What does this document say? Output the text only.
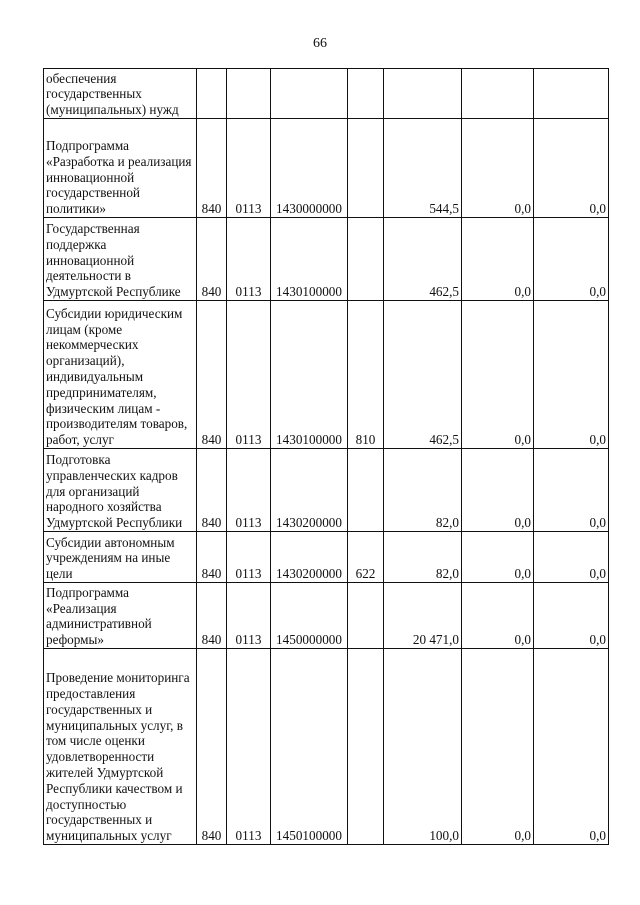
66
обеспечения государственных (муниципальных) нужд							
Подпрограмма «Разработка и реализация инновационной государственной политики»	840	0113	1430000000		544,5	0,0	0,0
Государственная поддержка инновационной деятельности в Удмуртской Республике	840	0113	1430100000		462,5	0,0	0,0
Субсидии юридическим лицам (кроме некоммерческих организаций), индивидуальным предпринимателям, физическим лицам - производителям товаров, работ, услуг	840	0113	1430100000	810	462,5	0,0	0,0
Подготовка управленческих кадров для организаций народного хозяйства Удмуртской Республики	840	0113	1430200000		82,0	0,0	0,0
Субсидии автономным учреждениям на иные цели	840	0113	1430200000	622	82,0	0,0	0,0
Подпрограмма «Реализация административной реформы»	840	0113	1450000000		20 471,0	0,0	0,0
Проведение мониторинга предоставления государственных и муниципальных услуг, в том числе оценки удовлетворенности жителей Удмуртской Республики качеством и доступностью государственных и муниципальных услуг	840	0113	1450100000		100,0	0,0	0,0
